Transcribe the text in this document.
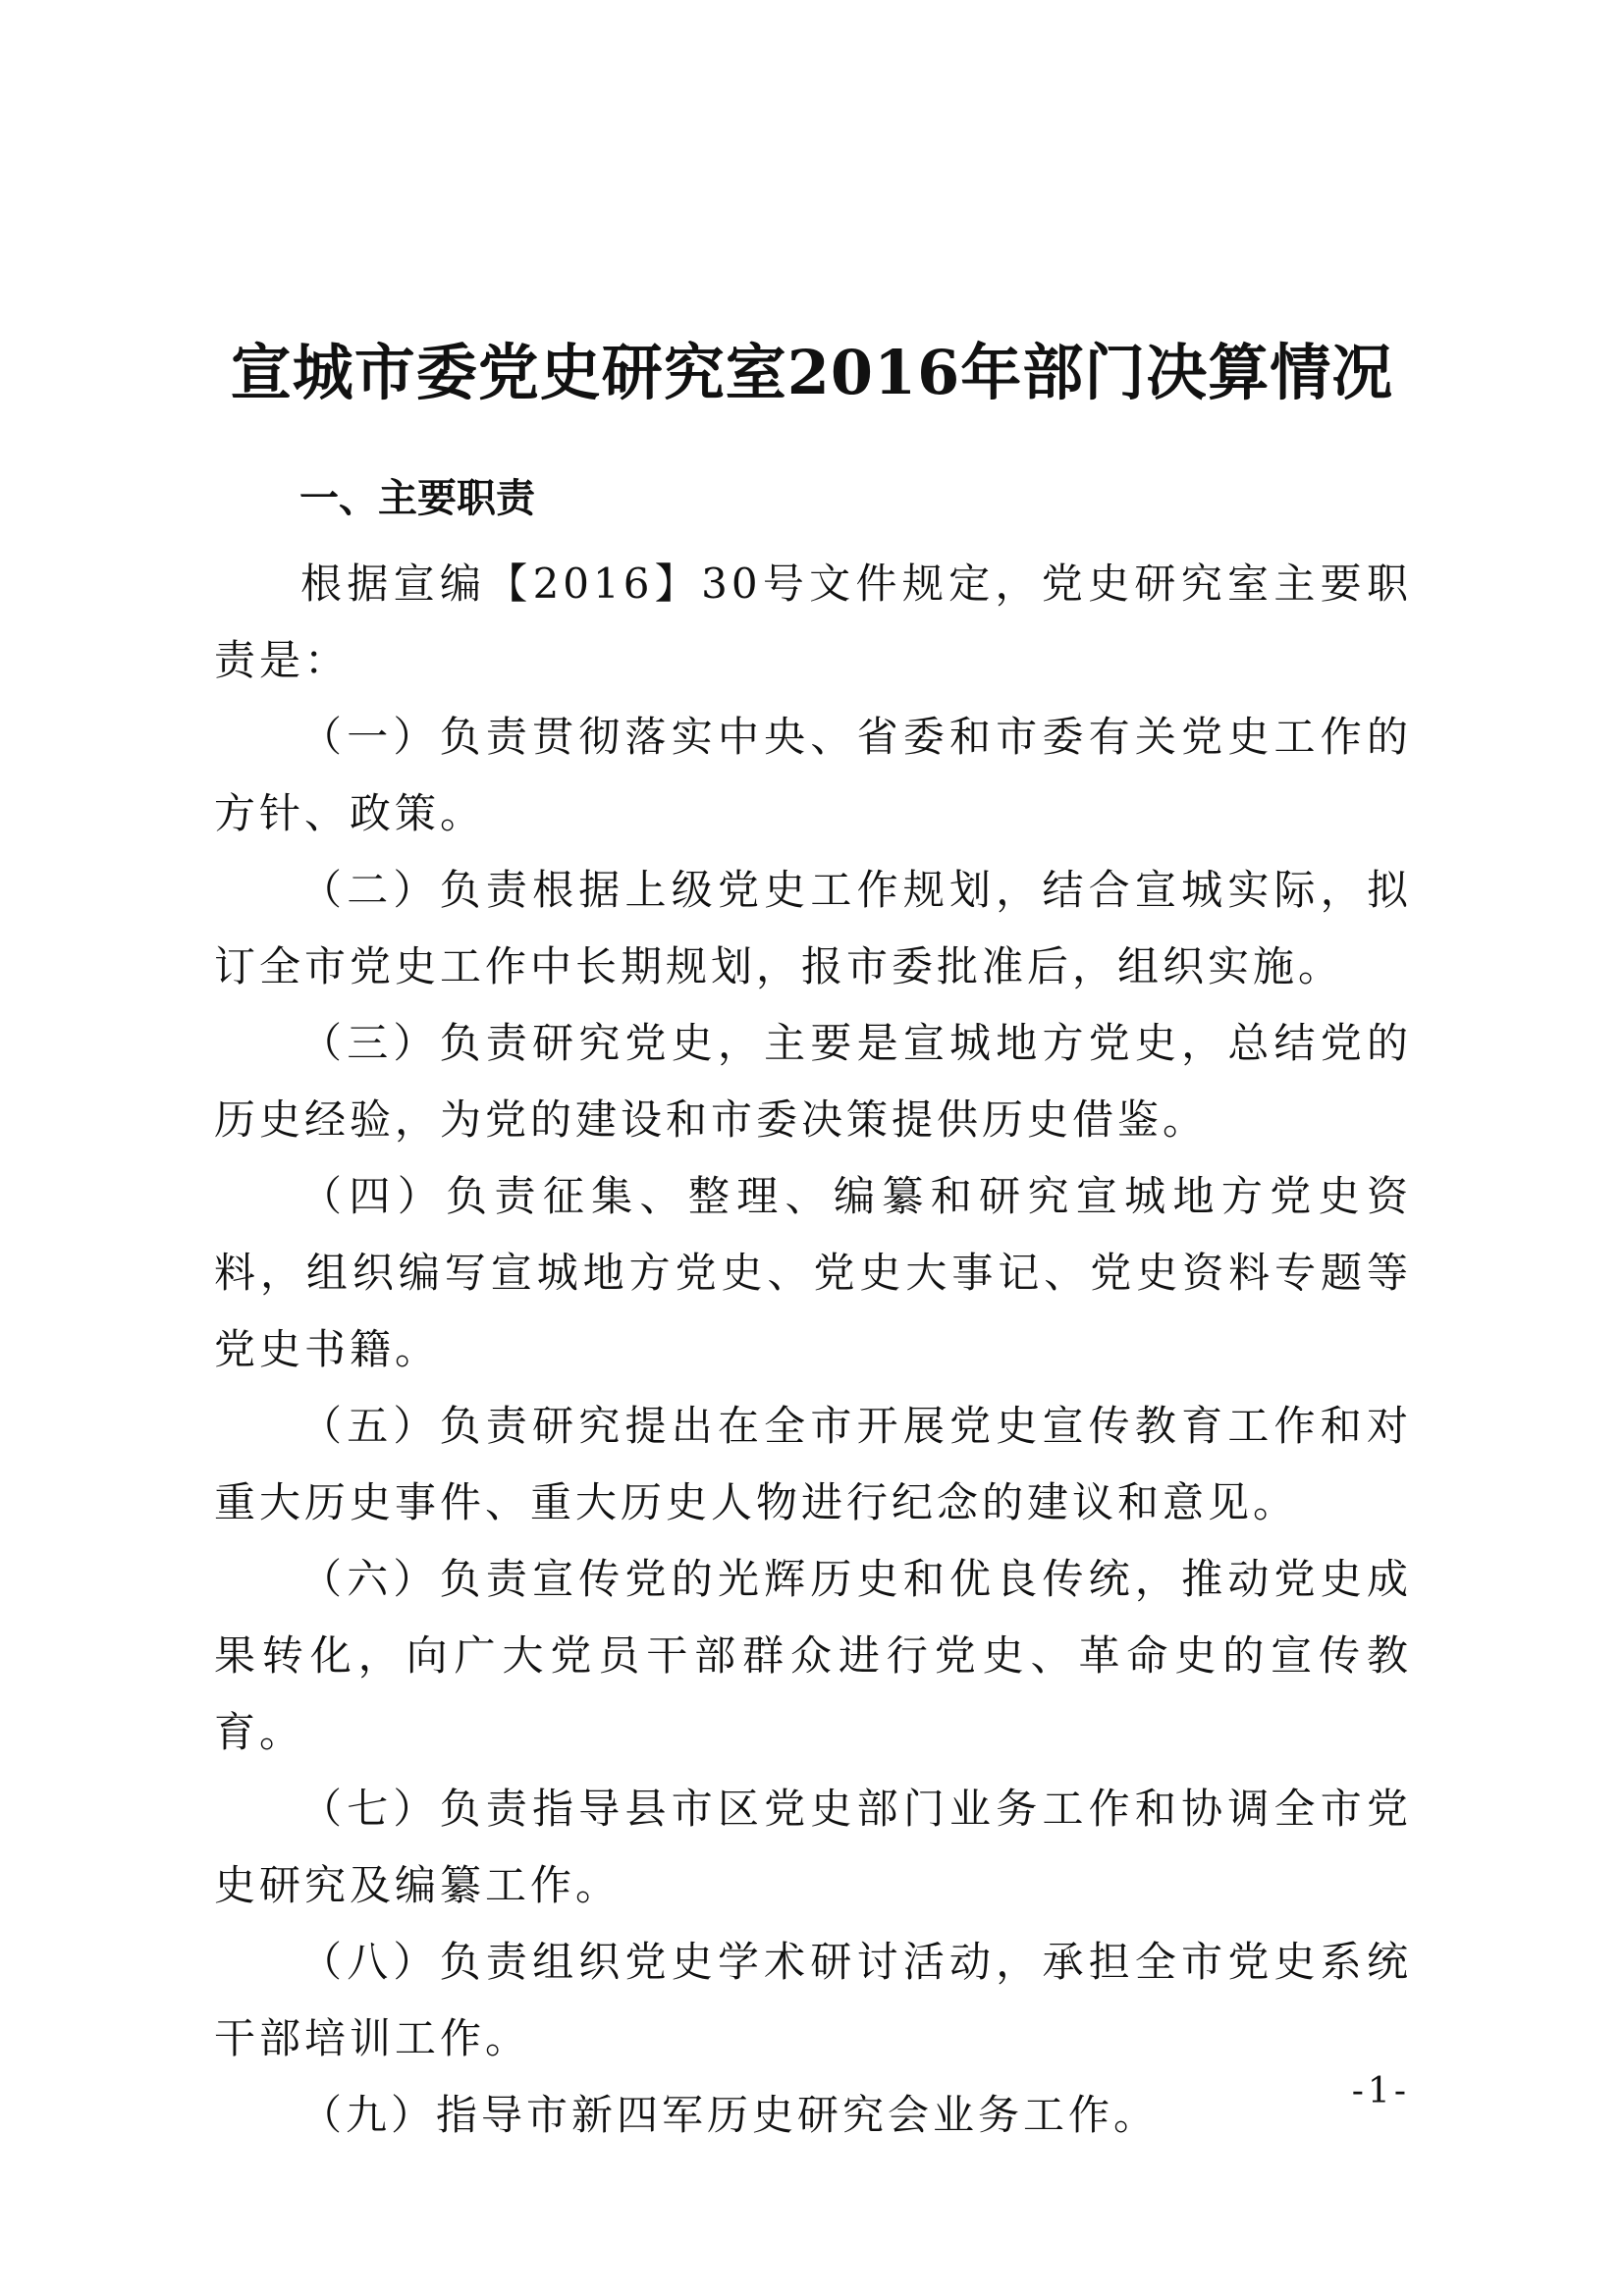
宣城市委党史研究室2016年部门决算情况
一、主要职责

根据宣编【2016】30号文件规定，党史研究室主要职责是：

（一）负责贯彻落实中央、省委和市委有关党史工作的方针、政策。

（二）负责根据上级党史工作规划，结合宣城实际，拟订全市党史工作中长期规划，报市委批准后，组织实施。

（三）负责研究党史，主要是宣城地方党史，总结党的历史经验，为党的建设和市委决策提供历史借鉴。

（四）负责征集、整理、编纂和研究宣城地方党史资料，组织编写宣城地方党史、党史大事记、党史资料专题等党史书籍。

（五）负责研究提出在全市开展党史宣传教育工作和对重大历史事件、重大历史人物进行纪念的建议和意见。

（六）负责宣传党的光辉历史和优良传统，推动党史成果转化，向广大党员干部群众进行党史、革命史的宣传教育。

（七）负责指导县市区党史部门业务工作和协调全市党史研究及编纂工作。

（八）负责组织党史学术研讨活动，承担全市党史系统干部培训工作。

（九）指导市新四军历史研究会业务工作。	-1-
